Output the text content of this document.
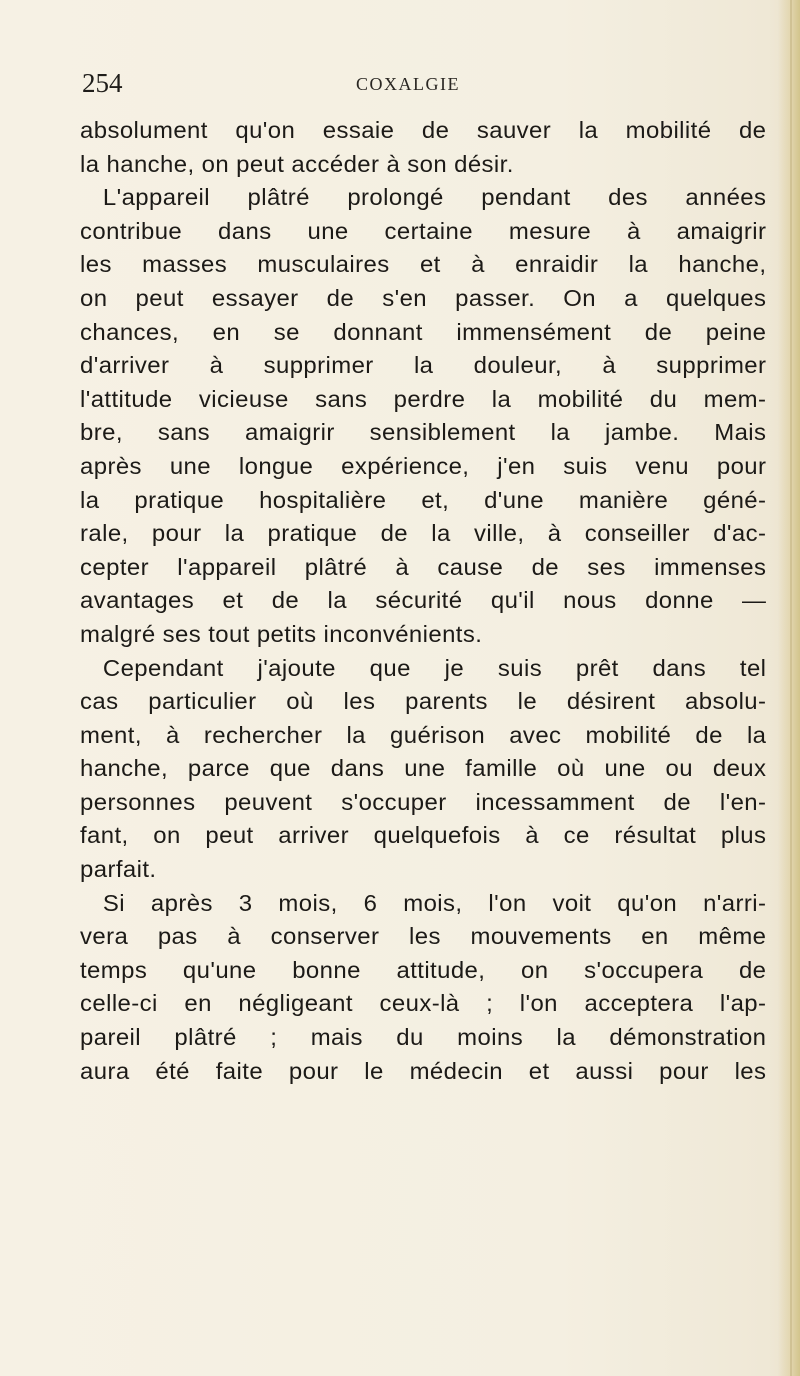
254	COXALGIE
absolument qu'on essaie de sauver la mobilité de
la hanche, on peut accéder à son désir.
L'appareil plâtré prolongé pendant des années
contribue dans une certaine mesure à amaigrir
les masses musculaires et à enraidir la hanche,
on peut essayer de s'en passer. On a quelques
chances, en se donnant immensément de peine
d'arriver à supprimer la douleur, à supprimer
l'attitude vicieuse sans perdre la mobilité du mem-
bre, sans amaigrir sensiblement la jambe. Mais
après une longue expérience, j'en suis venu pour
la pratique hospitalière et, d'une manière géné-
rale, pour la pratique de la ville, à conseiller d'ac-
cepter l'appareil plâtré à cause de ses immenses
avantages et de la sécurité qu'il nous donne —
malgré ses tout petits inconvénients.
Cependant j'ajoute que je suis prêt dans tel
cas particulier où les parents le désirent absolu-
ment, à rechercher la guérison avec mobilité de la
hanche, parce que dans une famille où une ou deux
personnes peuvent s'occuper incessamment de l'en-
fant, on peut arriver quelquefois à ce résultat plus
parfait.
Si après 3 mois, 6 mois, l'on voit qu'on n'arri-
vera pas à conserver les mouvements en même
temps qu'une bonne attitude, on s'occupera de
celle-ci en négligeant ceux-là ; l'on acceptera l'ap-
pareil plâtré ; mais du moins la démonstration
aura été faite pour le médecin et aussi pour les
